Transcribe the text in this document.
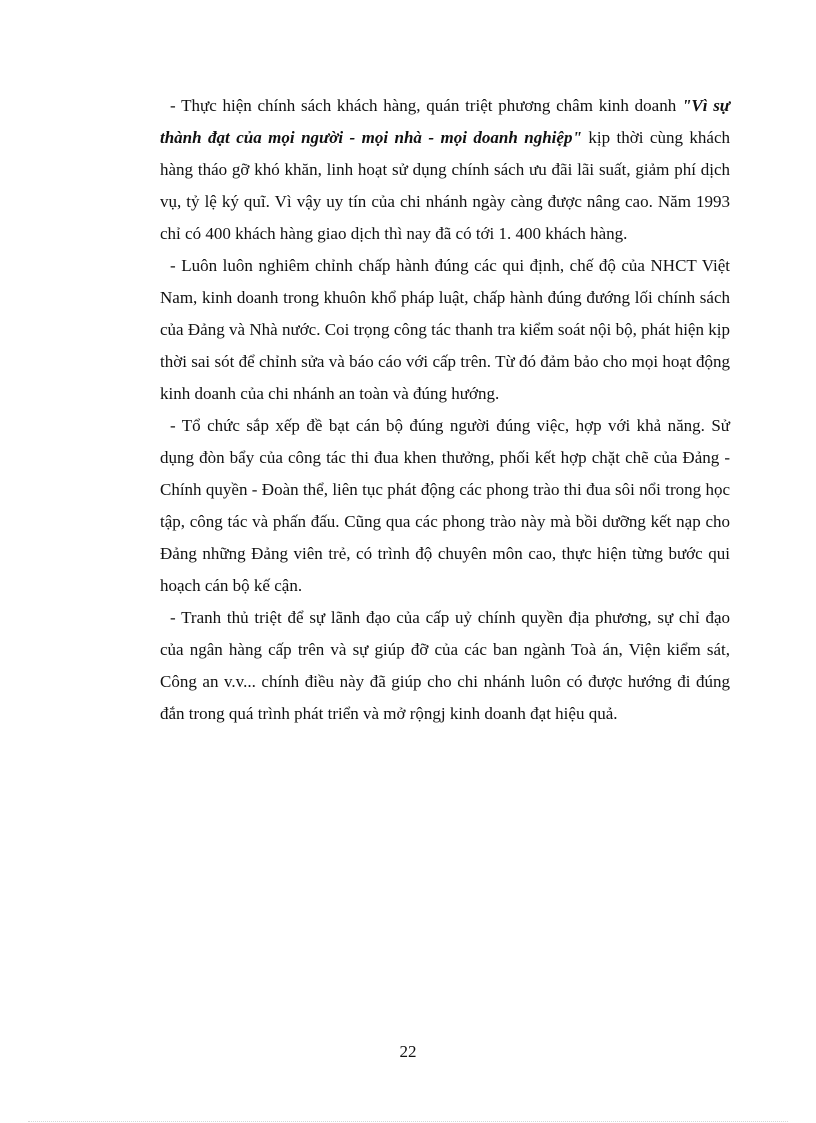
- Thực hiện chính sách khách hàng, quán triệt phương châm kinh doanh "Vì sự thành đạt của mọi người - mọi nhà - mọi doanh nghiệp" kịp thời cùng khách hàng tháo gỡ khó khăn, linh hoạt sử dụng chính sách ưu đãi lãi suất, giảm phí dịch vụ, tỷ lệ ký quĩ. Vì vậy uy tín của chi nhánh ngày càng được nâng cao. Năm 1993 chỉ có 400 khách hàng giao dịch thì nay đã có tới 1. 400 khách hàng.

- Luôn luôn nghiêm chỉnh chấp hành đúng các qui định, chế độ của NHCT Việt Nam, kinh doanh trong khuôn khổ pháp luật, chấp hành đúng đướng lối chính sách của Đảng và Nhà nước. Coi trọng công tác thanh tra kiểm soát nội bộ, phát hiện kịp thời sai sót để chỉnh sửa và báo cáo với cấp trên. Từ đó đảm bảo cho mọi hoạt động kinh doanh của chi nhánh an toàn và đúng hướng.

- Tổ chức sắp xếp đề bạt cán bộ đúng người đúng việc, hợp với khả năng. Sử dụng đòn bẩy của công tác thi đua khen thưởng, phối kết hợp chặt chẽ của Đảng - Chính quyền - Đoàn thể, liên tục phát động các phong trào thi đua sôi nổi trong học tập, công tác và phấn đấu. Cũng qua các phong trào này mà bồi dưỡng kết nạp cho Đảng những Đảng viên trẻ, có trình độ chuyên môn cao, thực hiện từng bước qui hoạch cán bộ kế cận.

- Tranh thủ triệt để sự lãnh đạo của cấp uỷ chính quyền địa phương, sự chỉ đạo của ngân hàng cấp trên và sự giúp đỡ của các ban ngành Toà án, Viện kiểm sát, Công an v.v... chính điều này đã giúp cho chi nhánh luôn có được hướng đi đúng đắn trong quá trình phát triển và mở rộngj kinh doanh đạt hiệu quả.

22
